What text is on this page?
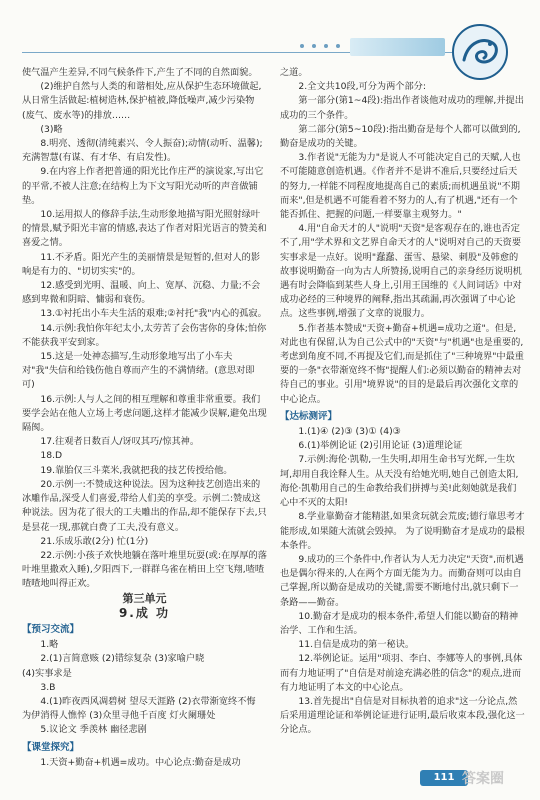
使气温产生差异,不同气候条件下,产生了不同的自然面貌。

(2)维护自然与人类的和谐相处,应从保护生态环境做起,从日常生活做起:植树造林,保护植被,降低噪声,减少污染物(废气、废水等)的排放……

(3)略

8.明亮、透彻(清纯素兴、令人振奋);动情(动听、温馨);充满智慧(有谋、有才华、有启发性)。

9.在内容上作者把普通的阳光比作庄严的演说家,写出它的平常,不被人注意;在结构上为下文写阳光动听的声音做铺垫。

10.运用拟人的修辞手法,生动形象地描写阳光照射绿叶的情景,赋予阳光丰富的情感,表达了作者对阳光语言的赞美和喜爱之情。

11.不矛盾。阳光产生的美丽情景是短暂的,但对人的影响是有力的、"切切实实"的。

12.感受到光明、温暖、向上、宽厚、沉稳、力量;不会感到卑微和阴暗、慵弱和衰伤。

13.①衬托出小车夫生活的艰难;②衬托"我"内心的孤寂。

14.示例:我怕你年纪太小,太劳苦了会伤害你的身体;怕你不能获我平安到家。

15.这是一处神态描写,生动形象地写出了小车夫对"我"失信和给钱伤他自尊而产生的不满情绪。(意思对即可)

16.示例:人与人之间的相互理解和尊重非常重要。我们要学会站在他人立场上考虑问题,这样才能减少误解,避免出现隔阂。

17.往观者日数百人/讶叹其巧/惊其神。

18.D

19.靠胎仅三斗菜米,我就把我的技艺传授给他。

20.示例一:不赞成这种说法。因为这种技艺创造出来的冰雕作品,深受人们喜爱,带给人们美的享受。示例二:赞成这种说法。因为花了很大的工夫雕出的作品,却不能保存下去,只是昙花一现,那就白费了工夫,没有意义。

21.乐成乐敢(2分) 忙(1分)

22.示例:小孩子欢快地躺在落叶堆里玩耍(或:在厚厚的落叶堆里撒欢入睡),夕阳西下,一群群乌雀在梢田上空飞翔,喳喳喳喳地叫得正欢。

第三单元

9.成 功

【预习交流】

1.略

2.(1)言简意赅 (2)错综复杂 (3)家喻户晓

(4)实事求是

3.B

4.(1)昨夜西风凋碧树 望尽天涯路 (2)衣带渐宽终不悔 为伊消得人憔悴 (3)众里寻他千百度 灯火阑珊处

5.议论文 季羡林 幽径悲剧

【课堂探究】

1.天资+勤奋+机遇=成功。中心论点:勤奋是成功

之道。

2.全文共10段,可分为两个部分:

第一部分(第1~4段):指出作者谈他对成功的理解,并提出成功的三个条件。

第二部分(第5~10段):指出勤奋是每个人都可以做到的,勤奋是成功的关键。

3.作者说"无能为力"是说人不可能决定自己的天赋,人也不可能随意创造机遇。《作者并不是讲不准后,只要经过后天的努力,一样能不同程度地提高自己的素质;而机遇虽说"不期而来",但是机遇不可能看着不努力的人,有了机遇,"还有一个能否抓住、把握的问题,一样要靠主观努力。"

4.用"自命天才的人"说明"天资"是客观存在的,谁也否定不了,用"学术界和文艺界自命天才的人"说明对自己的天资要实事求是一点好。说明"蠢蠢、蛋雪、悬梁、刺股"及韩愈的故事说明勤奋一向为古人所赞扬,说明自己的亲身经历说明机遇有时会降临到某些人身上,引用王国维的《人间词话》中对成功必经的三种境界的阐释,指出其疏漏,再次强调了中心论点。这些事例,增强了文章的说服力。

5.作者基本赞成"天资+勤奋+机遇=成功之道"。但是,对此也有保留,认为自己公式中的"天资"与"机遇"也是重要的,考虑到角度不同,不再提及它们,而是抓住了"三种境界"中最重要的一条"衣带渐宽终不悔"提醒人们:必须以勤奋的精神去对待自己的事业。引用"境界说"的目的是最后再次强化文章的中心论点。

【达标测评】

1.(1)④ (2)③ (3)① (4)③

6.(1)举例论证 (2)引用论证 (3)道理论证

7.示例:海伦·凯勒,一生失明,却用生命书写光辉,一生坎坷,却用自我诠释人生。从天没有给她光明,她自己创造太阳,海伦·凯勒用自己的生命教给我们拼搏与美!此刻她就是我们心中不灭的太阳!

8.学业靠勤奋才能精湛,如果贪玩就会荒废;德行靠思考才能形成,如果随大流就会毁掉。 为了说明勤奋才是成功的最根本条件。

9.成功的三个条件中,作者认为人无力决定"天资",而机遇也是偶尔得来的,人在两个方面无能为力。而勤奋则可以由自己掌握,所以勤奋是成功的关键,需要不断地付出,就只剩下一条路——勤奋。

10.勤奋才是成功的根本条件,希望人们能以勤奋的精神治学、工作和生活。

11.自信是成功的第一秘诀。

12.举例论证。运用"项羽、李白、李娜等人的事例,具体而有力地证明了"自信是对前途充满必胜的信念"的观点,进而有力地证明了本文的中心论点。

13.首先提出"自信是对目标执着的追求"这一分论点,然后采用道理论证和举例论证进行证明,最后收束本段,强化这一分论点。

111 答案圈
